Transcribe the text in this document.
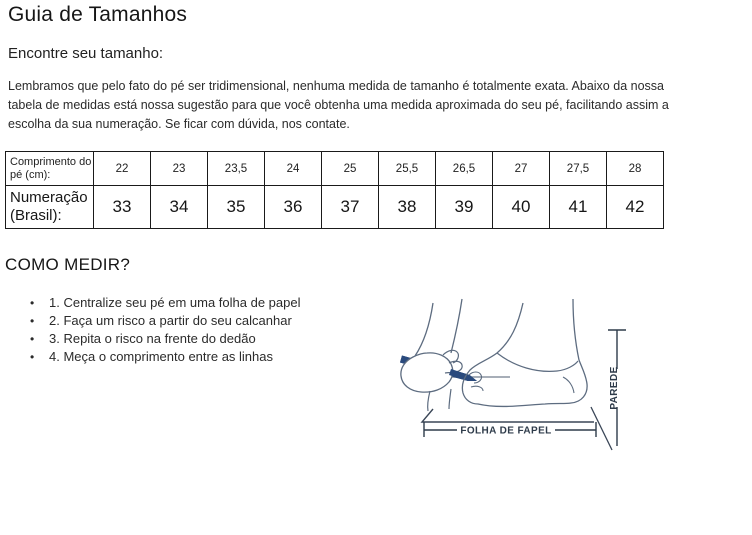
Guia de Tamanhos
Encontre seu tamanho:

Lembramos que pelo fato do pé ser tridimensional, nenhuma medida de tamanho é totalmente exata. Abaixo da nossa tabela de medidas está nossa sugestão para que você obtenha uma medida aproximada do seu pé, facilitando assim a escolha da sua numeração. Se ficar com dúvida, nos contate.

Comprimento do pé (cm):	22	23	23,5	24	25	25,5	26,5	27	27,5	28
Numeração (Brasil):	33	34	35	36	37	38	39	40	41	42
COMO MEDIR?
• 1. Centralize seu pé em uma folha de papel
• 2. Faça um risco a partir do seu calcanhar
• 3. Repita o risco na frente do dedão
• 4. Meça o comprimento entre as linhas
FOLHA DE FAPEL
PAREDE
